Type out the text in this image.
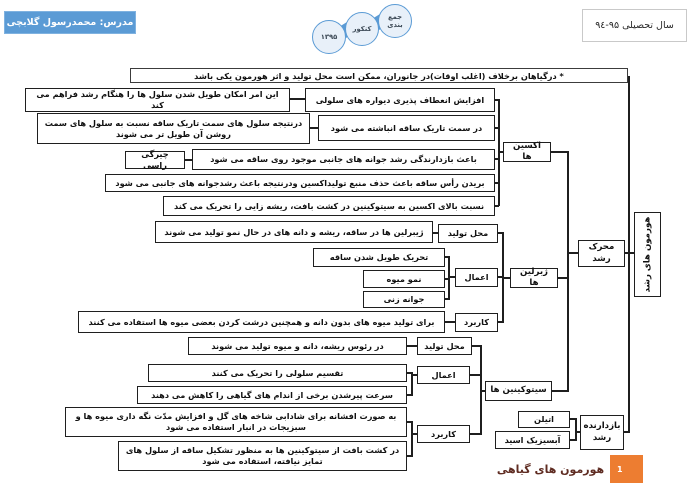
مدرس: محمدرسول گلابچی
جمع بندی
کنکور
۱۳۹۵
سال تحصیلی ۹۵-۹٤
* درگیاهان برخلاف (اغلب اوقات)در جانوران، ممکن است محل تولید و اثر هورمون یکی باشد
افزایش انعطاف پذیری دیواره های سلولی
این امر امکان طویل شدن سلول ها را هنگام رشد فراهم می کند
در سمت تاریک ساقه انباشته می شود
درنتیجه سلول های سمت تاریک ساقه نسبت به سلول های سمت روشن آن طویل تر می شوند
باعث بازدارندگی رشد جوانه های جانبی موجود روی ساقه می شود
چیرگی راسی
بریدن رأس ساقه باعث حذف منبع تولیداکسین ودرنتیجه باعث رشدجوانه های جانبی می شود
نسبت بالای اکسین به سیتوکینین در کشت بافت، ریشه زایی را تحریک می کند
اکسین ها
ژیبرلین ها در ساقه، ریشه و دانه های در حال نمو تولید می شوند	محل تولید
تحریک طویل شدن ساقه
نمو میوه
جوانه زنی
اعمال
برای تولید میوه های بدون دانه و همچنین درشت کردن بعضی میوه ها استفاده می کنند	کاربرد
ژبرلین ها
در رئوس ریشه، دانه و میوه تولید می شوند	محل تولید
تقسیم سلولی را تحریک می کنند
سرعت پیرشدن برخی از اندام های گیاهی را کاهش می دهند
اعمال
به صورت افشانه برای شادابی شاخه های گل و افزایش مدّت نگه داری میوه ها و سبزیجات در انبار استفاده می شود
در کشت بافت از سیتوکینین ها به منظور تشکیل ساقه از سلول های تمایز نیافته، استفاده می شود
کاربرد
سیتوکینین ها
محرک رشد	هورمون های رشد
اتیلن
آبسیزیک اسید
بازدارنده رشد
هورمون های گیاهی	1
